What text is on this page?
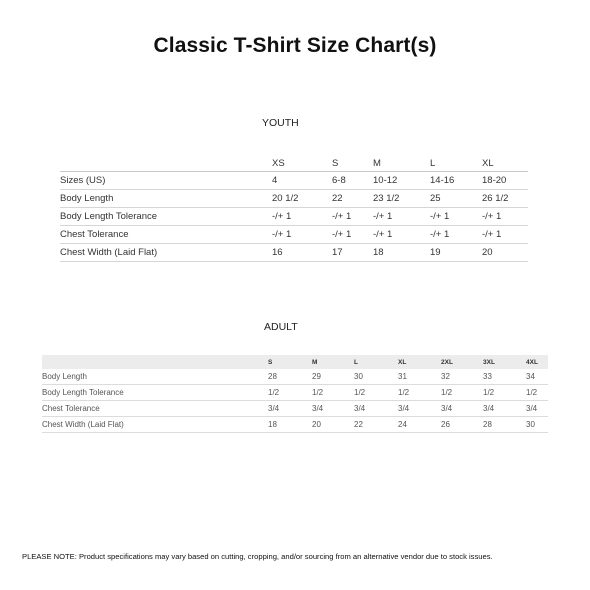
Classic T-Shirt Size Chart(s)
YOUTH
	XS	S	M	L	XL
Sizes (US)	4	6-8	10-12	14-16	18-20
Body Length	20 1/2	22	23 1/2	25	26 1/2
Body Length Tolerance	-/+ 1	-/+ 1	-/+ 1	-/+ 1	-/+ 1
Chest Tolerance	-/+ 1	-/+ 1	-/+ 1	-/+ 1	-/+ 1
Chest Width (Laid Flat)	16	17	18	19	20
ADULT
	S	M	L	XL	2XL	3XL	4XL
Body Length	28	29	30	31	32	33	34
Body Length Tolerance	1/2	1/2	1/2	1/2	1/2	1/2	1/2
Chest Tolerance	3/4	3/4	3/4	3/4	3/4	3/4	3/4
Chest Width (Laid Flat)	18	20	22	24	26	28	30
PLEASE NOTE: Product specifications may vary based on cutting, cropping, and/or sourcing from an alternative vendor due to stock issues.
